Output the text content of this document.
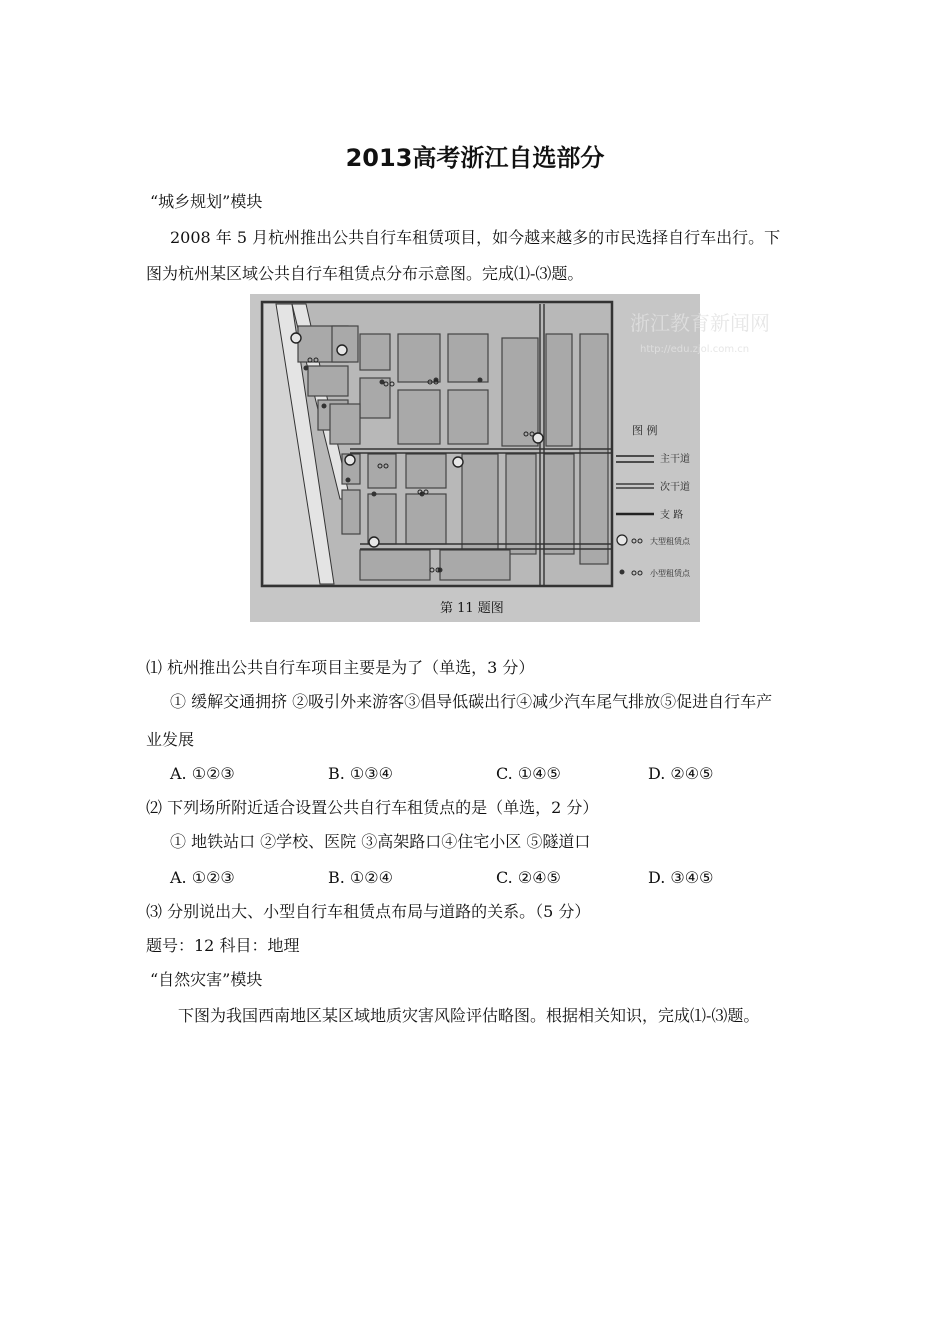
2013高考浙江自选部分
“城乡规划”模块
2008 年 5 月杭州推出公共自行车租赁项目，如今越来越多的市民选择自行车出行。下
图为杭州某区域公共自行车租赁点分布示意图。完成⑴-⑶题。
图 例
主干道
次干道
支 路
大型租赁点
小型租赁点
浙江教育新闻网
http://edu.zjol.com.cn
第 11 题图
⑴ 杭州推出公共自行车项目主要是为了（单选，3 分）
① 缓解交通拥挤 ②吸引外来游客③倡导低碳出行④减少汽车尾气排放⑤促进自行车产
业发展
A. ①②③	B. ①③④	C. ①④⑤	D. ②④⑤
⑵ 下列场所附近适合设置公共自行车租赁点的是（单选，2 分）
① 地铁站口 ②学校、医院 ③高架路口④住宅小区 ⑤隧道口
A. ①②③	B. ①②④	C. ②④⑤	D. ③④⑤
⑶ 分别说出大、小型自行车租赁点布局与道路的关系。（5 分）
题号：12 科目：地理
“自然灾害”模块
下图为我国西南地区某区域地质灾害风险评估略图。根据相关知识，完成⑴-⑶题。
